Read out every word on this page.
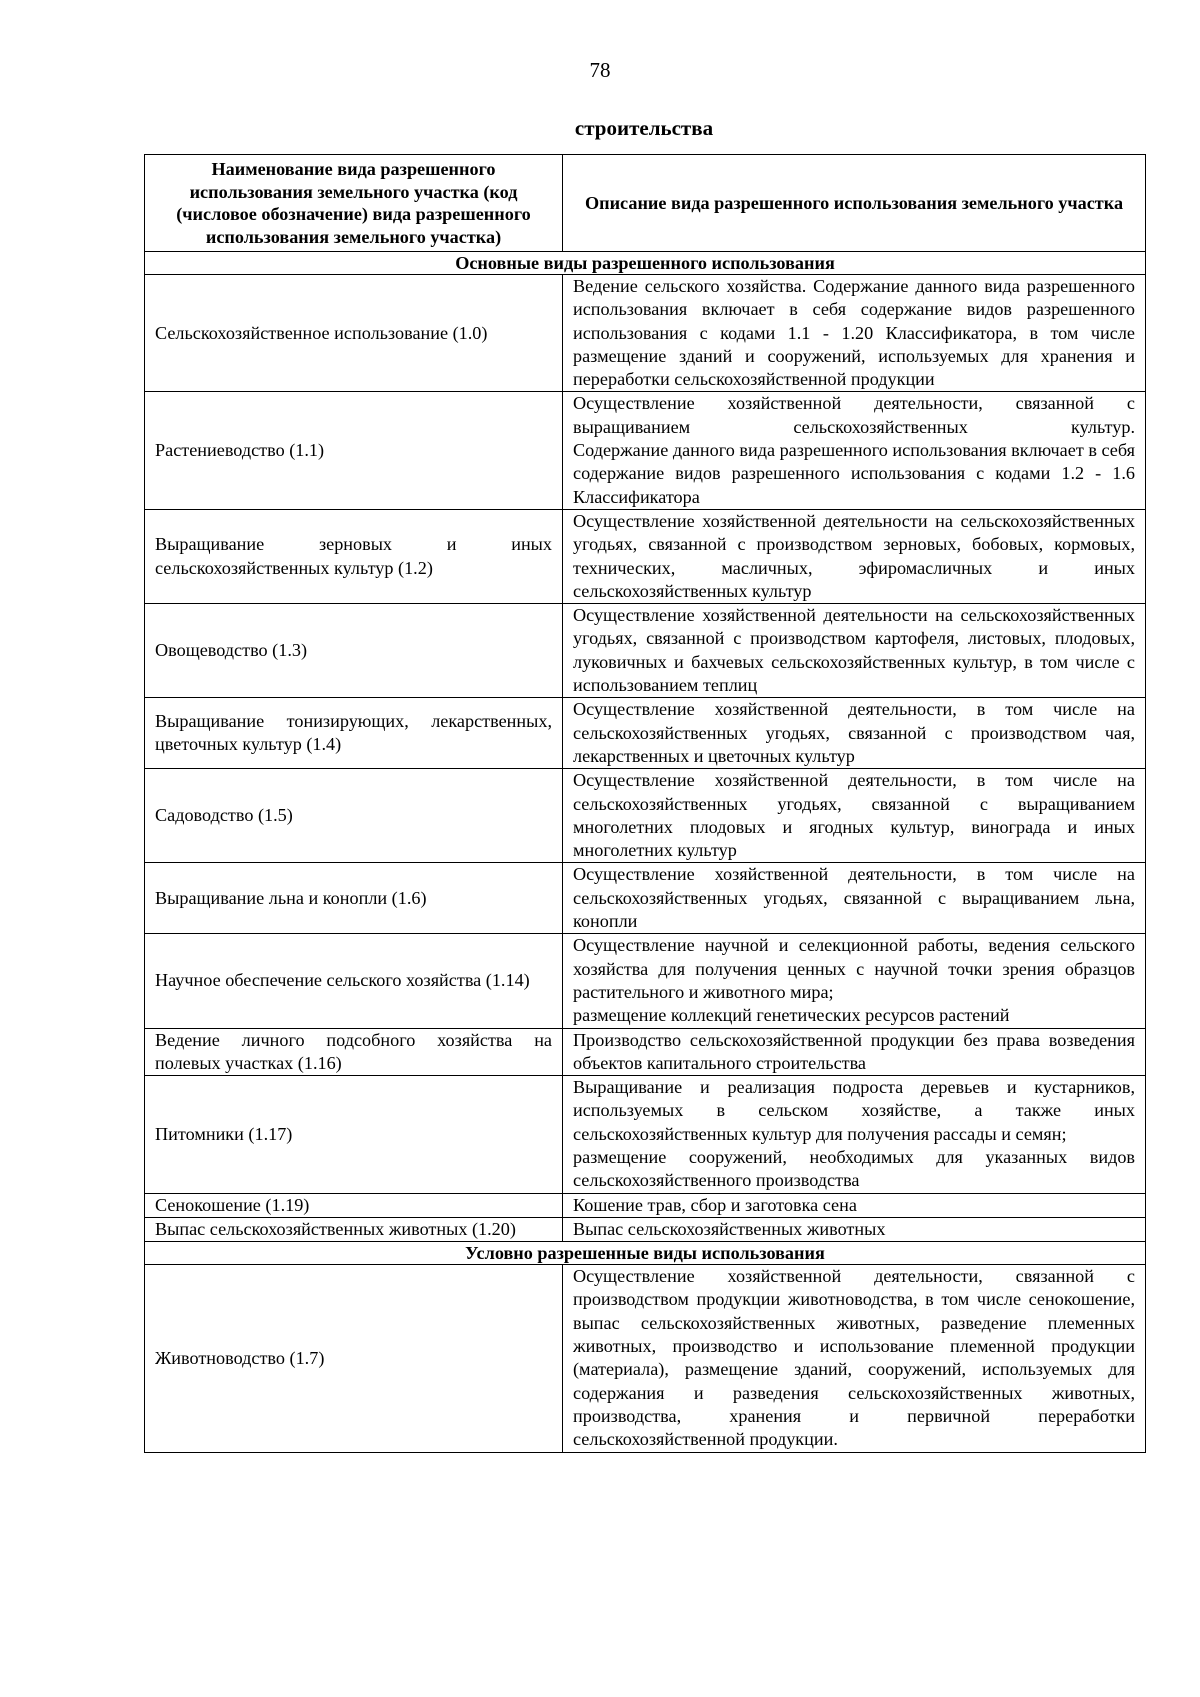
78
строительства
Наименование вида разрешенного использования земельного участка (код (числовое обозначение) вида разрешенного использования земельного участка)	Описание вида разрешенного использования земельного участка
Основные виды разрешенного использования	
Сельскохозяйственное использование (1.0)	Ведение сельского хозяйства. Содержание данного вида разрешенного использования включает в себя содержание видов разрешенного использования с кодами 1.1 - 1.20 Классификатора, в том числе размещение зданий и сооружений, используемых для хранения и переработки сельскохозяйственной продукции

Растениеводство (1.1)	Осуществление хозяйственной деятельности, связанной с выращиванием сельскохозяйственных культур.
Содержание данного вида разрешенного использования включает в себя содержание видов разрешенного использования с кодами 1.2 - 1.6 Классификатора

Выращивание зерновых и иных сельскохозяйственных культур (1.2)	Осуществление хозяйственной деятельности на сельскохозяйственных угодьях, связанной с производством зерновых, бобовых, кормовых, технических, масличных, эфиромасличных и иных сельскохозяйственных культур

Овощеводство (1.3)	Осуществление хозяйственной деятельности на сельскохозяйственных угодьях, связанной с производством картофеля, листовых, плодовых, луковичных и бахчевых сельскохозяйственных культур, в том числе с использованием теплиц

Выращивание тонизирующих, лекарственных, цветочных культур (1.4)	Осуществление хозяйственной деятельности, в том числе на сельскохозяйственных угодьях, связанной с производством чая, лекарственных и цветочных культур

Садоводство (1.5)	Осуществление хозяйственной деятельности, в том числе на сельскохозяйственных угодьях, связанной с выращиванием многолетних плодовых и ягодных культур, винограда и иных многолетних культур

Выращивание льна и конопли (1.6)	Осуществление хозяйственной деятельности, в том числе на сельскохозяйственных угодьях, связанной с выращиванием льна, конопли

Научное обеспечение сельского хозяйства (1.14)	Осуществление научной и селекционной работы, ведения сельского хозяйства для получения ценных с научной точки зрения образцов растительного и животного мира;
размещение коллекций генетических ресурсов растений

Ведение личного подсобного хозяйства на полевых участках (1.16)	Производство сельскохозяйственной продукции без права возведения объектов капитального строительства

Питомники (1.17)	Выращивание и реализация подроста деревьев и кустарников, используемых в сельском хозяйстве, а также иных сельскохозяйственных культур для получения рассады и семян;
размещение сооружений, необходимых для указанных видов сельскохозяйственного производства

Сенокошение (1.19)	Кошение трав, сбор и заготовка сена

Выпас сельскохозяйственных животных (1.20)	Выпас сельскохозяйственных животных

Условно разрешенные виды использования	
Животноводство (1.7)	Осуществление хозяйственной деятельности, связанной с производством продукции животноводства, в том числе сенокошение, выпас сельскохозяйственных животных, разведение племенных животных, производство и использование племенной продукции (материала), размещение зданий, сооружений, используемых для содержания и разведения сельскохозяйственных животных, производства, хранения и первичной переработки сельскохозяйственной продукции.
